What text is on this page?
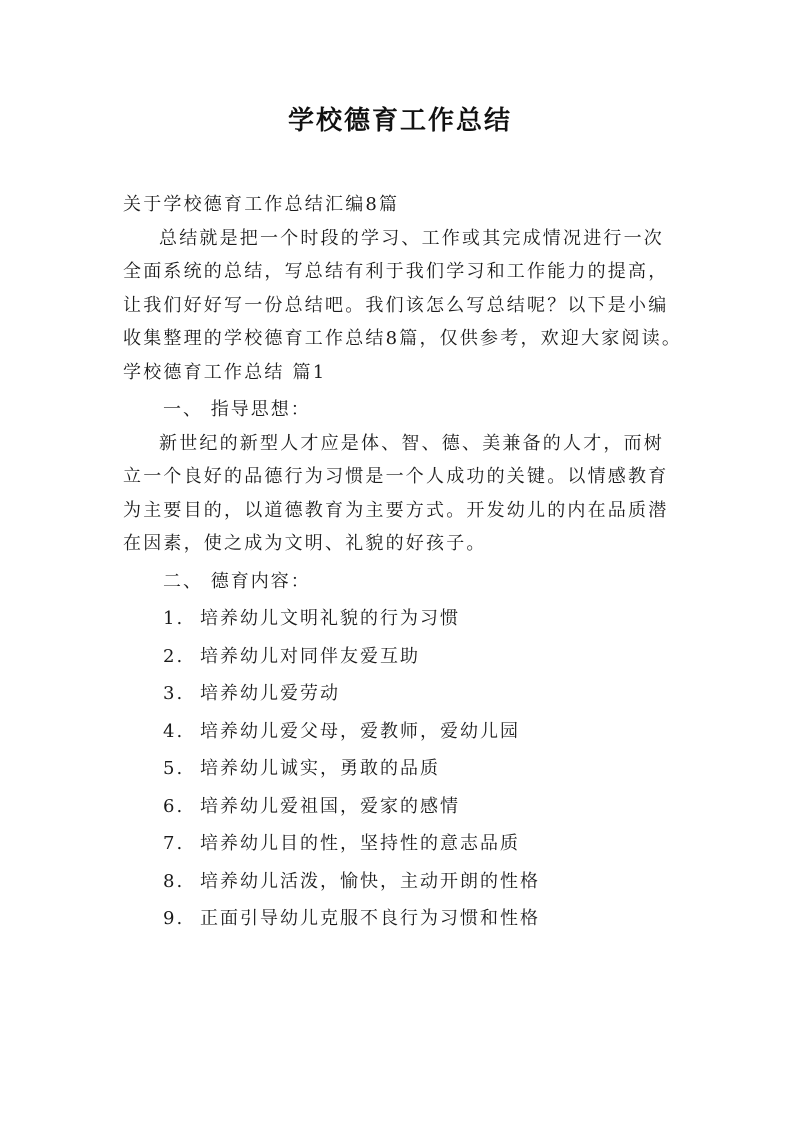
学校德育工作总结

关于学校德育工作总结汇编8篇

总结就是把一个时段的学习、工作或其完成情况进行一次全面系统的总结，写总结有利于我们学习和工作能力的提高，让我们好好写一份总结吧。我们该怎么写总结呢？以下是小编收集整理的学校德育工作总结8篇，仅供参考，欢迎大家阅读。

学校德育工作总结 篇1

一、 指导思想：

新世纪的新型人才应是体、智、德、美兼备的人才，而树立一个良好的品德行为习惯是一个人成功的关键。以情感教育为主要目的，以道德教育为主要方式。开发幼儿的内在品质潜在因素，使之成为文明、礼貌的好孩子。

二、 德育内容：

1. 培养幼儿文明礼貌的行为习惯
2. 培养幼儿对同伴友爱互助
3. 培养幼儿爱劳动
4. 培养幼儿爱父母，爱教师，爱幼儿园
5. 培养幼儿诚实，勇敢的品质
6. 培养幼儿爱祖国，爱家的感情
7. 培养幼儿目的性，坚持性的意志品质
8. 培养幼儿活泼，愉快，主动开朗的性格
9. 正面引导幼儿克服不良行为习惯和性格
